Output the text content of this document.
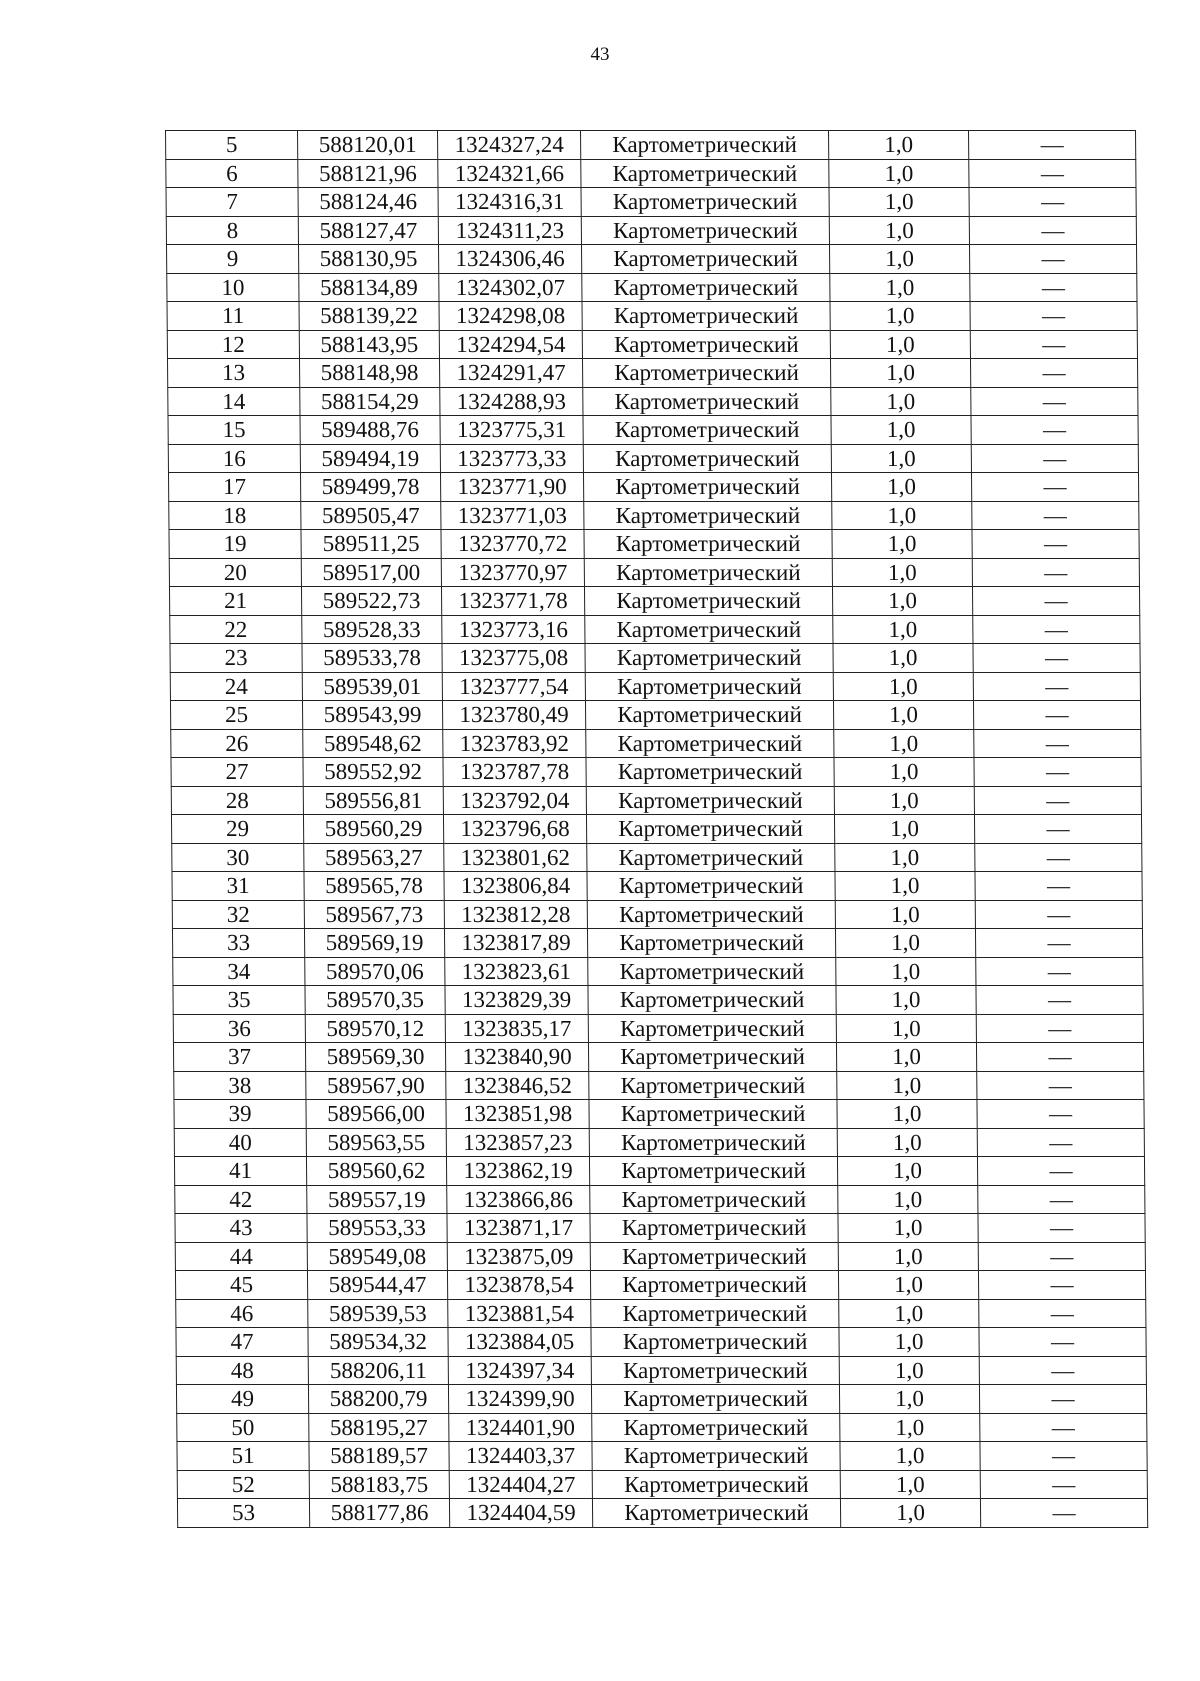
43
5	588120,01	1324327,24	Картометрический	1,0	—
6	588121,96	1324321,66	Картометрический	1,0	—
7	588124,46	1324316,31	Картометрический	1,0	—
8	588127,47	1324311,23	Картометрический	1,0	—
9	588130,95	1324306,46	Картометрический	1,0	—
10	588134,89	1324302,07	Картометрический	1,0	—
11	588139,22	1324298,08	Картометрический	1,0	—
12	588143,95	1324294,54	Картометрический	1,0	—
13	588148,98	1324291,47	Картометрический	1,0	—
14	588154,29	1324288,93	Картометрический	1,0	—
15	589488,76	1323775,31	Картометрический	1,0	—
16	589494,19	1323773,33	Картометрический	1,0	—
17	589499,78	1323771,90	Картометрический	1,0	—
18	589505,47	1323771,03	Картометрический	1,0	—
19	589511,25	1323770,72	Картометрический	1,0	—
20	589517,00	1323770,97	Картометрический	1,0	—
21	589522,73	1323771,78	Картометрический	1,0	—
22	589528,33	1323773,16	Картометрический	1,0	—
23	589533,78	1323775,08	Картометрический	1,0	—
24	589539,01	1323777,54	Картометрический	1,0	—
25	589543,99	1323780,49	Картометрический	1,0	—
26	589548,62	1323783,92	Картометрический	1,0	—
27	589552,92	1323787,78	Картометрический	1,0	—
28	589556,81	1323792,04	Картометрический	1,0	—
29	589560,29	1323796,68	Картометрический	1,0	—
30	589563,27	1323801,62	Картометрический	1,0	—
31	589565,78	1323806,84	Картометрический	1,0	—
32	589567,73	1323812,28	Картометрический	1,0	—
33	589569,19	1323817,89	Картометрический	1,0	—
34	589570,06	1323823,61	Картометрический	1,0	—
35	589570,35	1323829,39	Картометрический	1,0	—
36	589570,12	1323835,17	Картометрический	1,0	—
37	589569,30	1323840,90	Картометрический	1,0	—
38	589567,90	1323846,52	Картометрический	1,0	—
39	589566,00	1323851,98	Картометрический	1,0	—
40	589563,55	1323857,23	Картометрический	1,0	—
41	589560,62	1323862,19	Картометрический	1,0	—
42	589557,19	1323866,86	Картометрический	1,0	—
43	589553,33	1323871,17	Картометрический	1,0	—
44	589549,08	1323875,09	Картометрический	1,0	—
45	589544,47	1323878,54	Картометрический	1,0	—
46	589539,53	1323881,54	Картометрический	1,0	—
47	589534,32	1323884,05	Картометрический	1,0	—
48	588206,11	1324397,34	Картометрический	1,0	—
49	588200,79	1324399,90	Картометрический	1,0	—
50	588195,27	1324401,90	Картометрический	1,0	—
51	588189,57	1324403,37	Картометрический	1,0	—
52	588183,75	1324404,27	Картометрический	1,0	—
53	588177,86	1324404,59	Картометрический	1,0	—
